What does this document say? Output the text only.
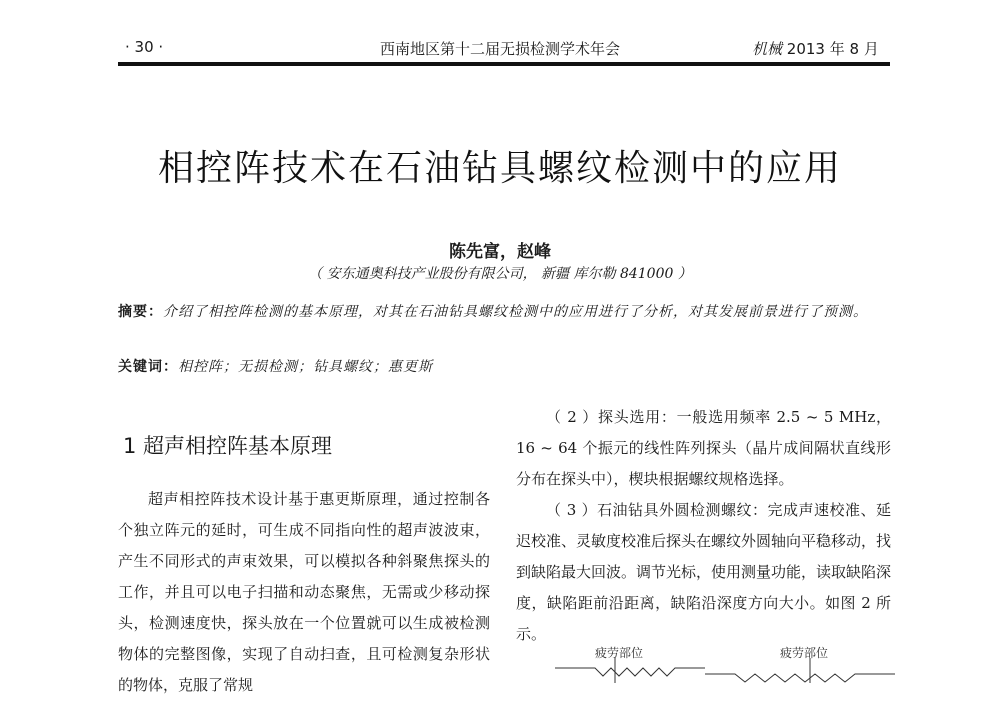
· 30 ·	西南地区第十二届无损检测学术年会	机械 2013 年 8 月
相控阵技术在石油钻具螺纹检测中的应用
陈先富，赵峰
（ 安东通奥科技产业股份有限公司， 新疆 库尔勒 841000 ）
摘要：介绍了相控阵检测的基本原理，对其在石油钻具螺纹检测中的应用进行了分析，对其发展前景进行了预测。
关键词：相控阵；无损检测；钻具螺纹；惠更斯
1 超声相控阵基本原理

超声相控阵技术设计基于惠更斯原理，通过控制各个独立阵元的延时，可生成不同指向性的超声波波束，产生不同形式的声束效果，可以模拟各种斜聚焦探头的工作，并且可以电子扫描和动态聚焦，无需或少移动探头，检测速度快，探头放在一个位置就可以生成被检测物体的完整图像，实现了自动扫查，且可检测复杂形状的物体，克服了常规

（ 2 ）探头选用：一般选用频率 2.5 ~ 5 MHz，16 ~ 64 个振元的线性阵列探头（晶片成间隔状直线形分布在探头中），楔块根据螺纹规格选择。

（ 3 ）石油钻具外圆检测螺纹：完成声速校准、延迟校准、灵敏度校准后探头在螺纹外圆轴向平稳移动，找到缺陷最大回波。调节光标，使用测量功能，读取缺陷深度，缺陷距前沿距离，缺陷沿深度方向大小。如图 2 所示。

疲劳部位	疲劳部位
